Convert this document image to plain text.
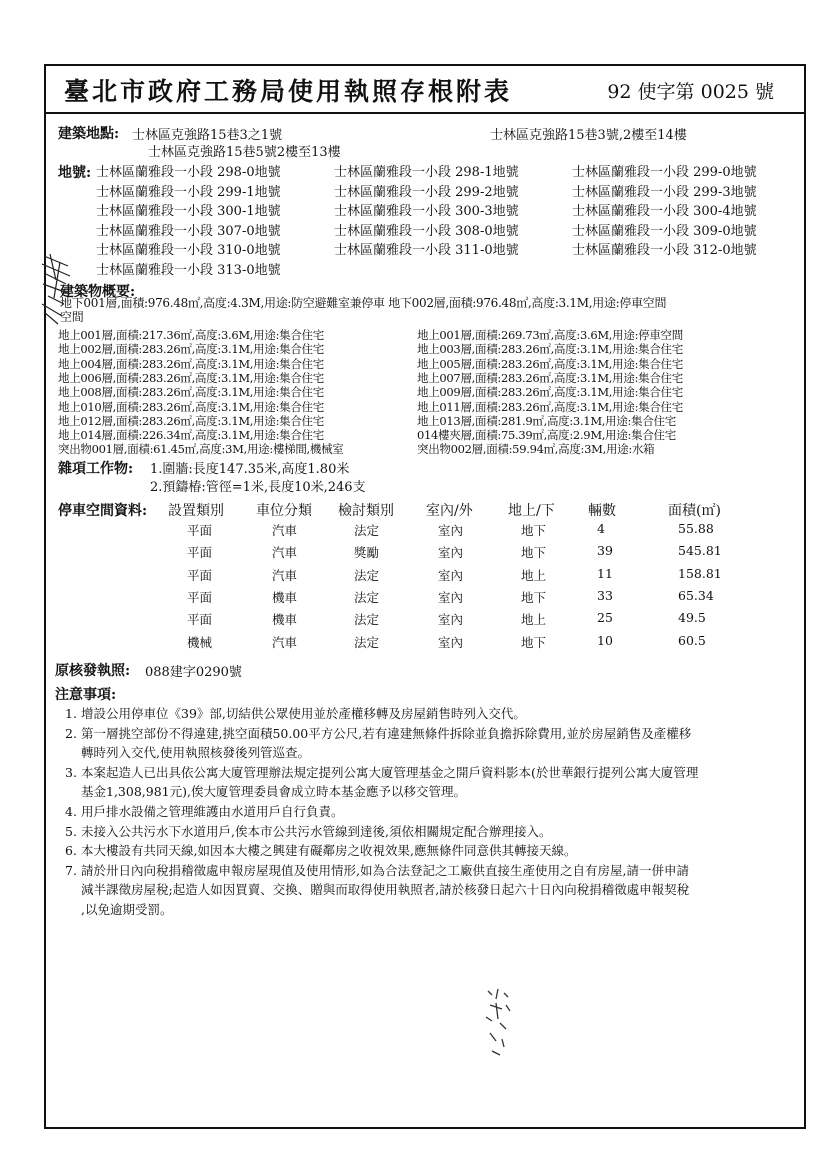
臺北市政府工務局使用執照存根附表	92 使字第 0025 號
建築地點: 士林區克強路15巷3之1號
士林區克強路15巷5號2樓至13樓
士林區克強路15巷3號,2樓至14樓
地號: 士林區蘭雅段一小段 298-0地號	士林區蘭雅段一小段 298-1地號	士林區蘭雅段一小段 299-0地號
士林區蘭雅段一小段 299-1地號	士林區蘭雅段一小段 299-2地號	士林區蘭雅段一小段 299-3地號
士林區蘭雅段一小段 300-1地號	士林區蘭雅段一小段 300-3地號	士林區蘭雅段一小段 300-4地號
士林區蘭雅段一小段 307-0地號	士林區蘭雅段一小段 308-0地號	士林區蘭雅段一小段 309-0地號
士林區蘭雅段一小段 310-0地號	士林區蘭雅段一小段 311-0地號	士林區蘭雅段一小段 312-0地號
士林區蘭雅段一小段 313-0地號
建築物概要:
地下001層,面積:976.48㎡,高度:4.3M,用途:防空避難室兼停車 地下002層,面積:976.48㎡,高度:3.1M,用途:停車空間
空間
地上001層,面積:217.36㎡,高度:3.6M,用途:集合住宅
地上002層,面積:283.26㎡,高度:3.1M,用途:集合住宅
地上004層,面積:283.26㎡,高度:3.1M,用途:集合住宅
地上006層,面積:283.26㎡,高度:3.1M,用途:集合住宅
地上008層,面積:283.26㎡,高度:3.1M,用途:集合住宅
地上010層,面積:283.26㎡,高度:3.1M,用途:集合住宅
地上012層,面積:283.26㎡,高度:3.1M,用途:集合住宅
地上014層,面積:226.34㎡,高度:3.1M,用途:集合住宅
突出物001層,面積:61.45㎡,高度:3M,用途:樓梯間,機械室
地上001層,面積:269.73㎡,高度:3.6M,用途:停車空間
地上003層,面積:283.26㎡,高度:3.1M,用途:集合住宅
地上005層,面積:283.26㎡,高度:3.1M,用途:集合住宅
地上007層,面積:283.26㎡,高度:3.1M,用途:集合住宅
地上009層,面積:283.26㎡,高度:3.1M,用途:集合住宅
地上011層,面積:283.26㎡,高度:3.1M,用途:集合住宅
地上013層,面積:281.9㎡,高度:3.1M,用途:集合住宅
014樓夾層,面積:75.39㎡,高度:2.9M,用途:集合住宅
突出物002層,面積:59.94㎡,高度:3M,用途:水箱
雜項工作物: 1.圍牆:長度147.35米,高度1.80米
2.預鑄椿:管徑=1米,長度10米,246支
停車空間資料: 設置類別 車位分類 檢討類別 室內/外	地上/下 輛數	面積(㎡)
平面	汽車	法定	室內	地下	4	55.88
平面	汽車	獎勵	室內	地下	39	545.81
平面	汽車	法定	室內	地上	11	158.81
平面	機車	法定	室內	地下	33	65.34
平面	機車	法定	室內	地上	25	49.5
機械	汽車	法定	室內	地下	10	60.5
原核發執照: 088建字0290號
注意事項:
1. 增設公用停車位《39》部,切結供公眾使用並於產權移轉及房屋銷售時列入交代。
2. 第一層挑空部份不得違建,挑空面積50.00平方公尺,若有違建無條件拆除並負擔拆除費用,並於房屋銷售及產權移
轉時列入交代,使用執照核發後列管巡查。
3. 本案起造人已出具依公寓大廈管理辦法規定提列公寓大廈管理基金之開戶資料影本(於世華銀行提列公寓大廈管理
基金1,308,981元),俟大廈管理委員會成立時本基金應予以移交管理。
4. 用戶排水設備之管理維護由水道用戶自行負責。
5. 未接入公共污水下水道用戶,俟本市公共污水管線到達後,須依相關規定配合辦理接入。
6. 本大樓設有共同天線,如因本大樓之興建有礙鄰房之收視效果,應無條件同意供其轉接天線。
7. 請於卅日內向稅捐稽徵處申報房屋現值及使用情形,如為合法登記之工廠供直接生產使用之自有房屋,請一併申請
減半課徵房屋稅;起造人如因買賣、交換、贈與而取得使用執照者,請於核發日起六十日內向稅捐稽徵處申報契稅
,以免逾期受罰。
